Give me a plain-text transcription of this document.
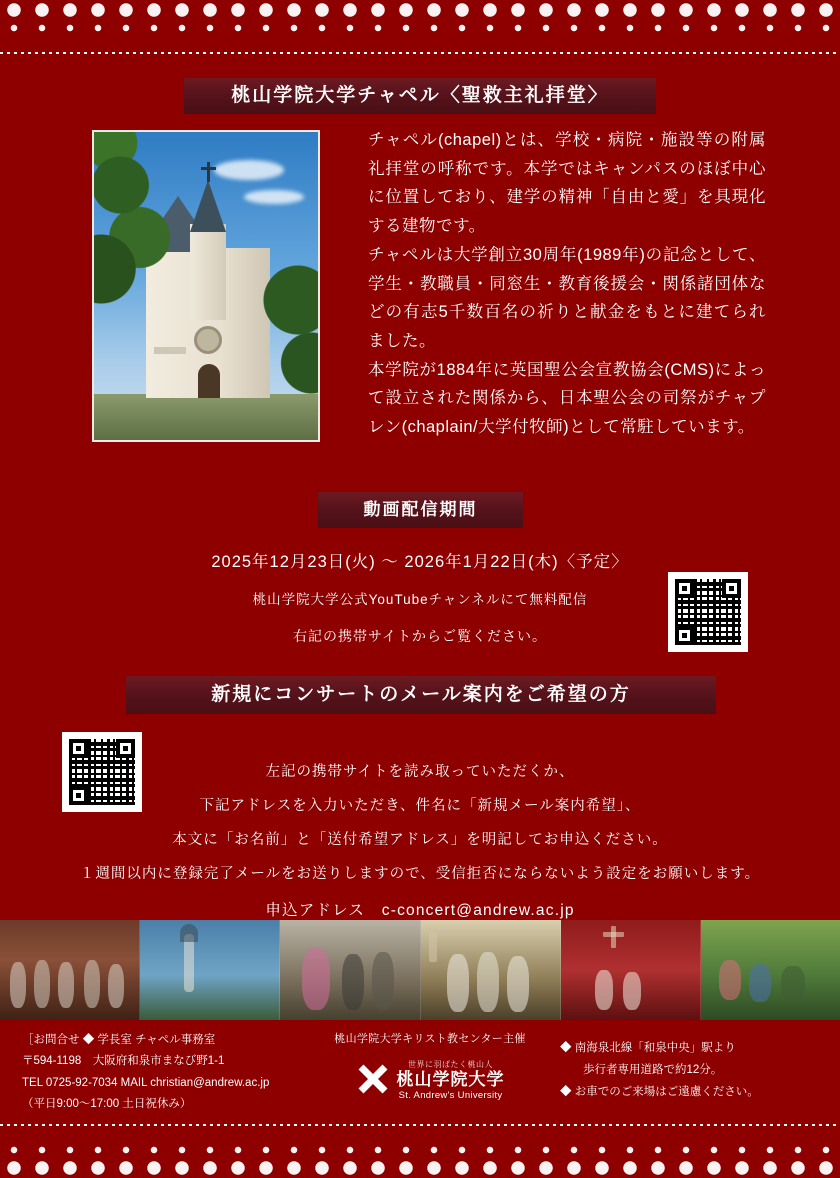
桃山学院大学チャペル〈聖救主礼拝堂〉

チャペル(chapel)とは、学校・病院・施設等の附属礼拝堂の呼称です。本学ではキャンパスのほぼ中心に位置しており、建学の精神「自由と愛」を具現化する建物です。

チャペルは大学創立30周年(1989年)の記念として、学生・教職員・同窓生・教育後援会・関係諸団体などの有志5千数百名の祈りと献金をもとに建てられました。

本学院が1884年に英国聖公会宣教協会(CMS)によって設立された関係から、日本聖公会の司祭がチャプレン(chaplain/大学付牧師)として常駐しています。

動画配信期間
2025年12月23日(火) ～ 2026年1月22日(木)〈予定〉
桃山学院大学公式YouTubeチャンネルにて無料配信
右記の携帯サイトからご覧ください。
新規にコンサートのメール案内をご希望の方
左記の携帯サイトを読み取っていただくか、
下記アドレスを入力いただき、件名に「新規メール案内希望」、
本文に「お名前」と「送付希望アドレス」を明記してお申込ください。
１週間以内に登録完了メールをお送りしますので、受信拒否にならないよう設定をお願いします。
申込アドレス　c-concert@andrew.ac.jp
［お問合せ ◆ 学長室 チャペル事務室
〒594-1198　大阪府和泉市まなび野1-1
TEL 0725-92-7034 MAIL christian@andrew.ac.jp
（平日9:00〜17:00 土日祝休み）
桃山学院大学キリスト教センター主催
世界に羽ばたく桃山人
桃山学院大学
St. Andrew's University
◆ 南海泉北線「和泉中央」駅より
　　歩行者専用道路で約12分。
◆ お車でのご来場はご遠慮ください。
